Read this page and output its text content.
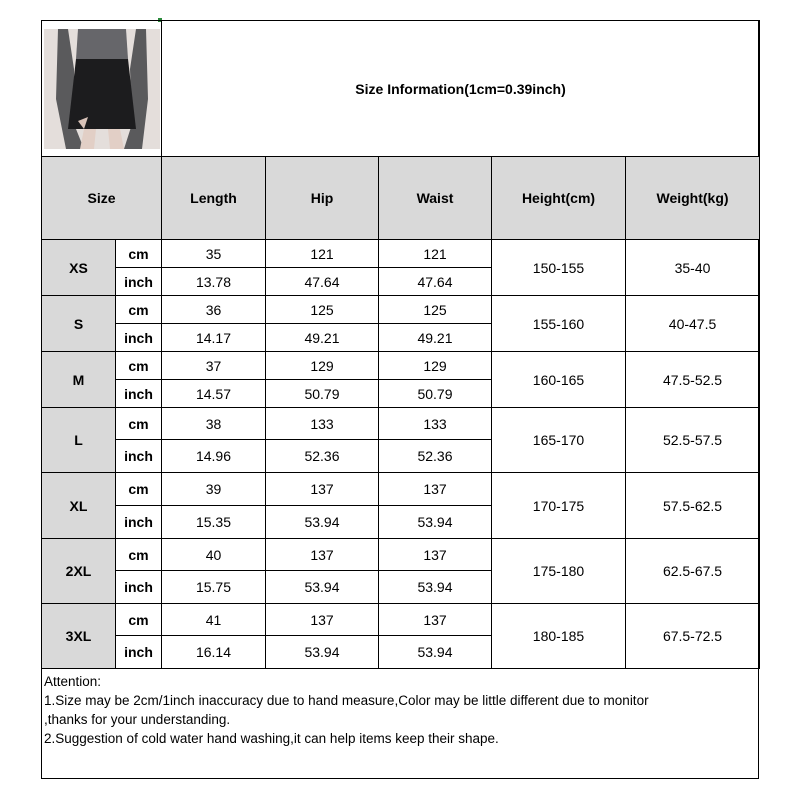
	Size Information(1cm=0.39inch)				
Size		Length	Hip	Waist	Height(cm)	Weight(kg)
XS	cm	35	121	121	150-155	35-40
	inch	13.78	47.64	47.64		
S	cm	36	125	125	155-160	40-47.5
	inch	14.17	49.21	49.21		
M	cm	37	129	129	160-165	47.5-52.5
	inch	14.57	50.79	50.79		
L	cm	38	133	133	165-170	52.5-57.5
	inch	14.96	52.36	52.36		
XL	cm	39	137	137	170-175	57.5-62.5
	inch	15.35	53.94	53.94		
2XL	cm	40	137	137	175-180	62.5-67.5
	inch	15.75	53.94	53.94		
3XL	cm	41	137	137	180-185	67.5-72.5
	inch	16.14	53.94	53.94		
Attention:
1.Size may be 2cm/1inch inaccuracy due to hand measure,Color may be little different due to monitor
,thanks for your understanding.
2.Suggestion of cold water hand washing,it can help items keep their shape.
